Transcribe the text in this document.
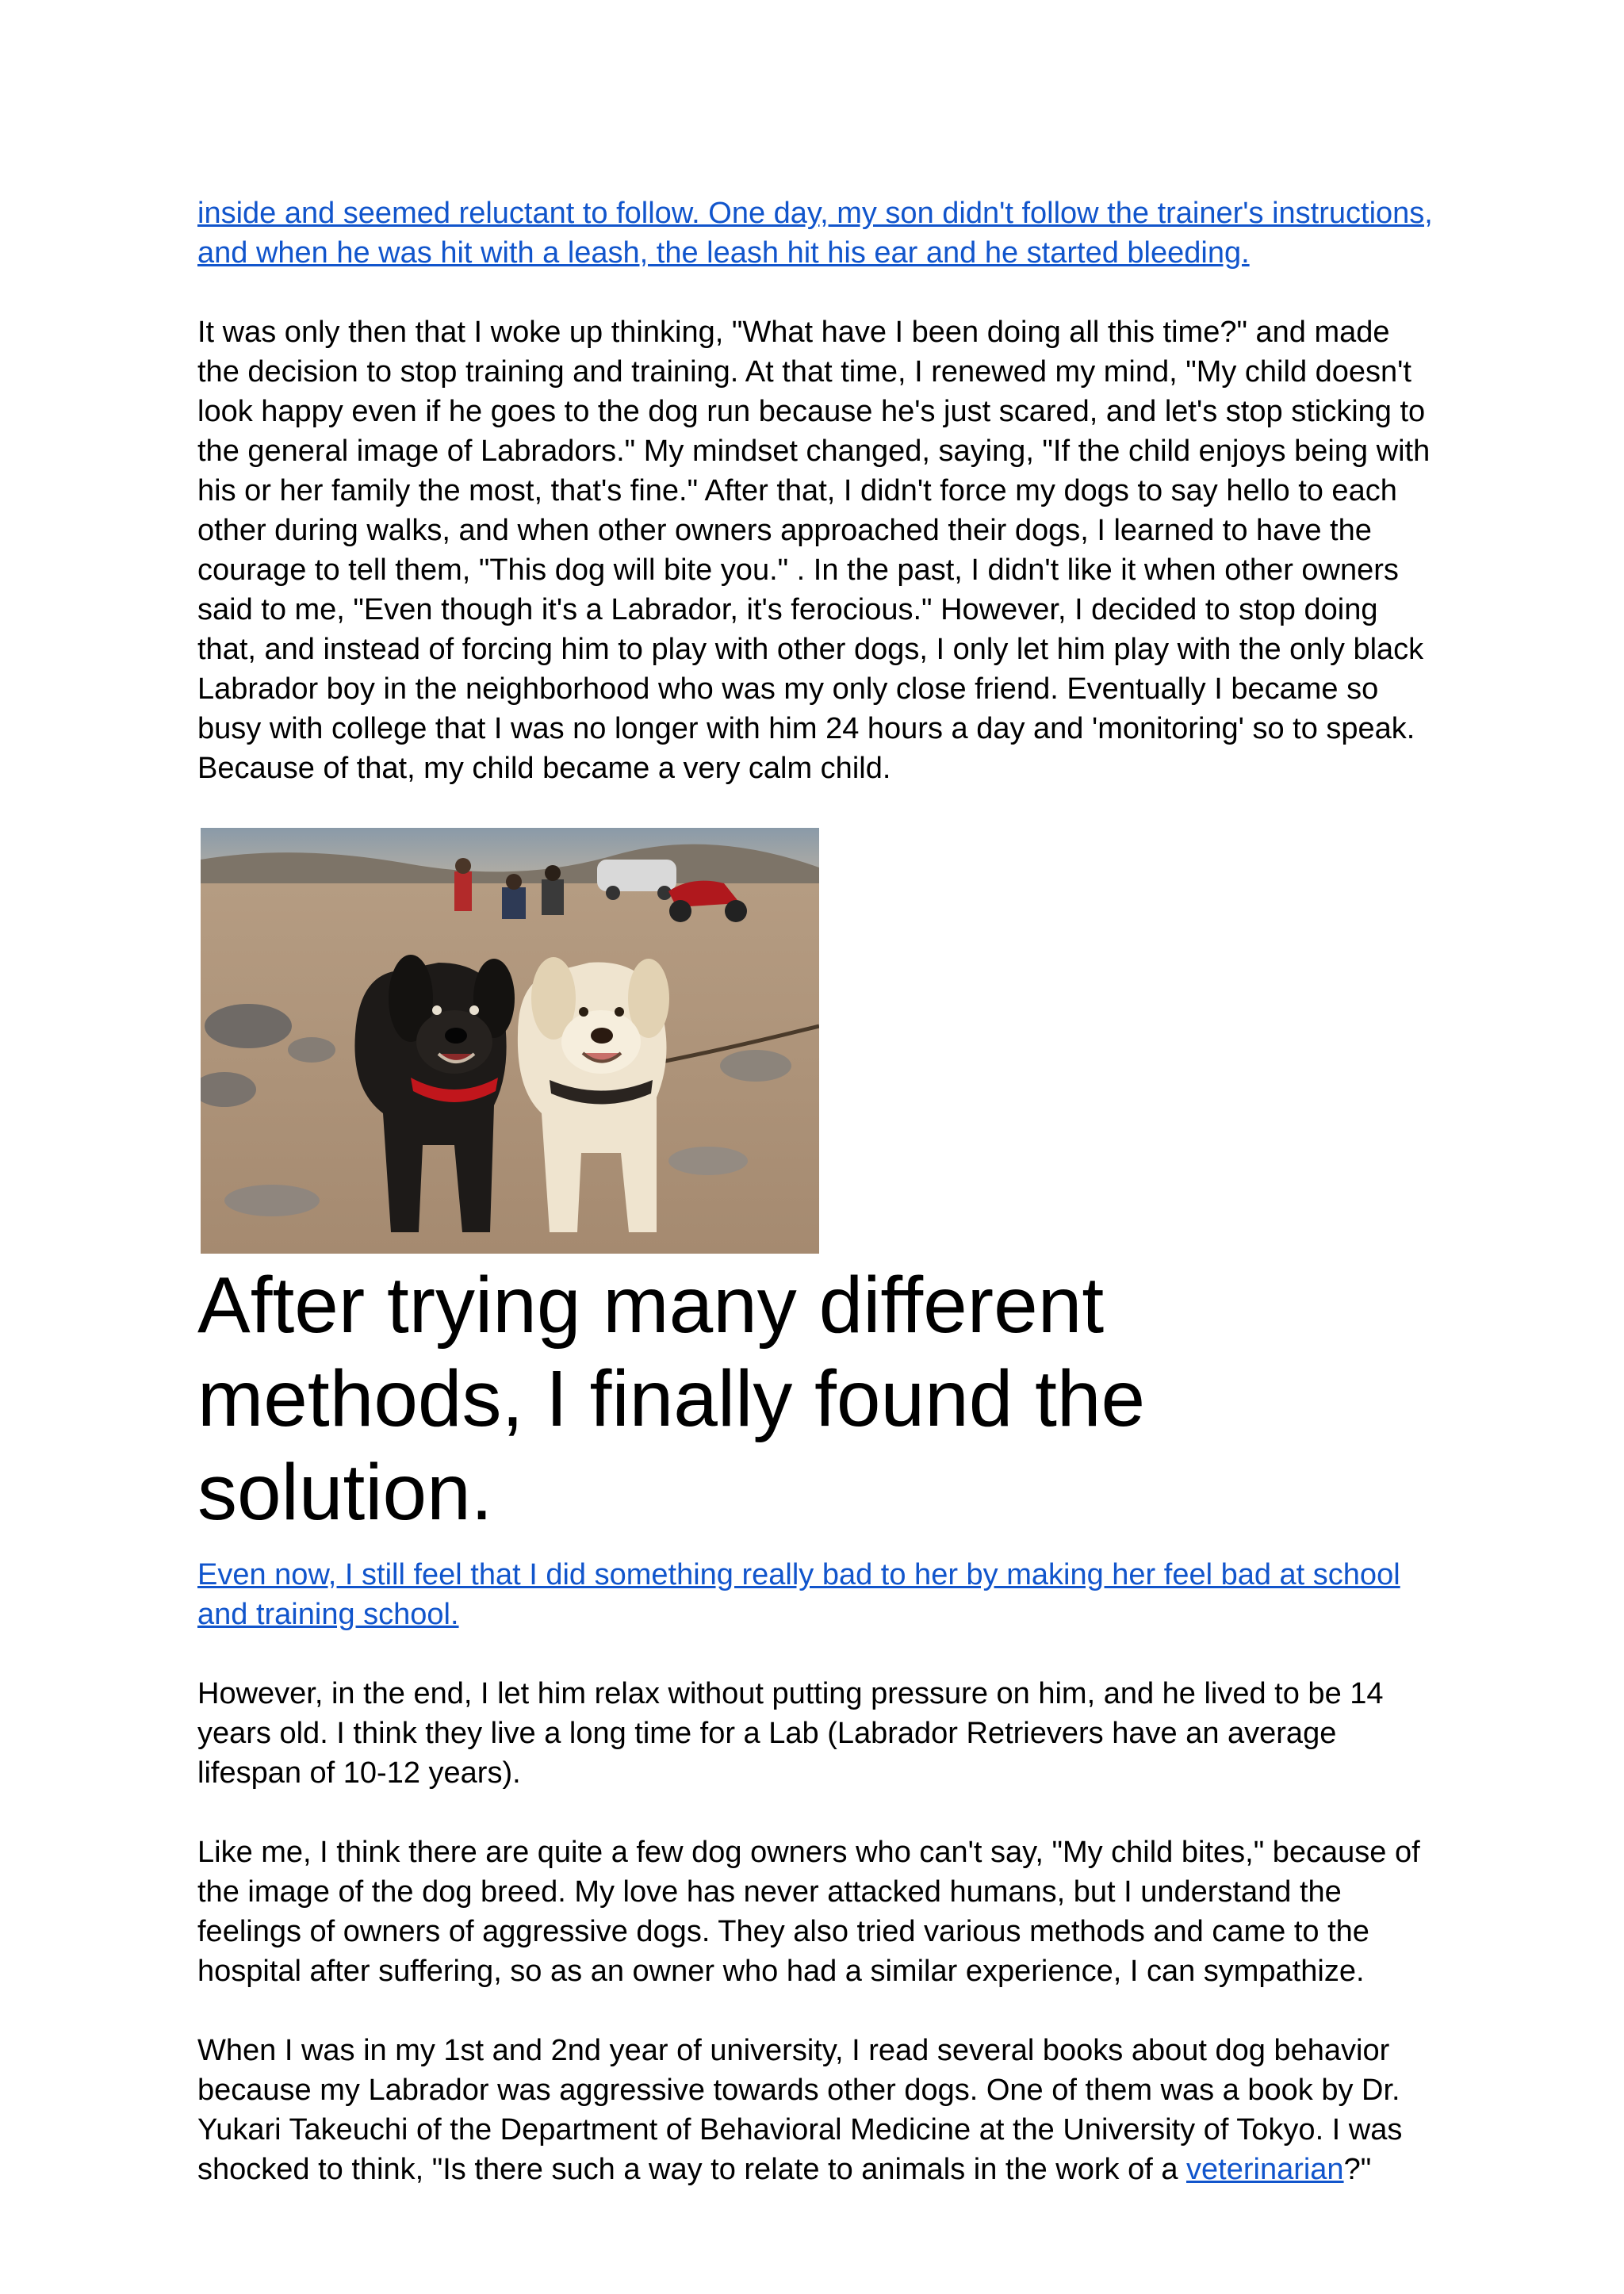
inside and seemed reluctant to follow. One day, my son didn't follow the trainer's instructions, and when he was hit with a leash, the leash hit his ear and he started bleeding.

It was only then that I woke up thinking, "What have I been doing all this time?" and made the decision to stop training and training. At that time, I renewed my mind, "My child doesn't look happy even if he goes to the dog run because he's just scared, and let's stop sticking to the general image of Labradors." My mindset changed, saying, "If the child enjoys being with his or her family the most, that's fine." After that, I didn't force my dogs to say hello to each other during walks, and when other owners approached their dogs, I learned to have the courage to tell them, "This dog will bite you." . In the past, I didn't like it when other owners said to me, "Even though it's a Labrador, it's ferocious." However, I decided to stop doing that, and instead of forcing him to play with other dogs, I only let him play with the only black Labrador boy in the neighborhood who was my only close friend. Eventually I became so busy with college that I was no longer with him 24 hours a day and 'monitoring' so to speak. Because of that, my child became a very calm child.

After trying many different methods, I finally found the solution.

Even now, I still feel that I did something really bad to her by making her feel bad at school and training school.

However, in the end, I let him relax without putting pressure on him, and he lived to be 14 years old. I think they live a long time for a Lab (Labrador Retrievers have an average lifespan of 10-12 years).

Like me, I think there are quite a few dog owners who can't say, "My child bites," because of the image of the dog breed. My love has never attacked humans, but I understand the feelings of owners of aggressive dogs. They also tried various methods and came to the hospital after suffering, so as an owner who had a similar experience, I can sympathize.

When I was in my 1st and 2nd year of university, I read several books about dog behavior because my Labrador was aggressive towards other dogs. One of them was a book by Dr. Yukari Takeuchi of the Department of Behavioral Medicine at the University of Tokyo. I was shocked to think, "Is there such a way to relate to animals in the work of a veterinarian?"
